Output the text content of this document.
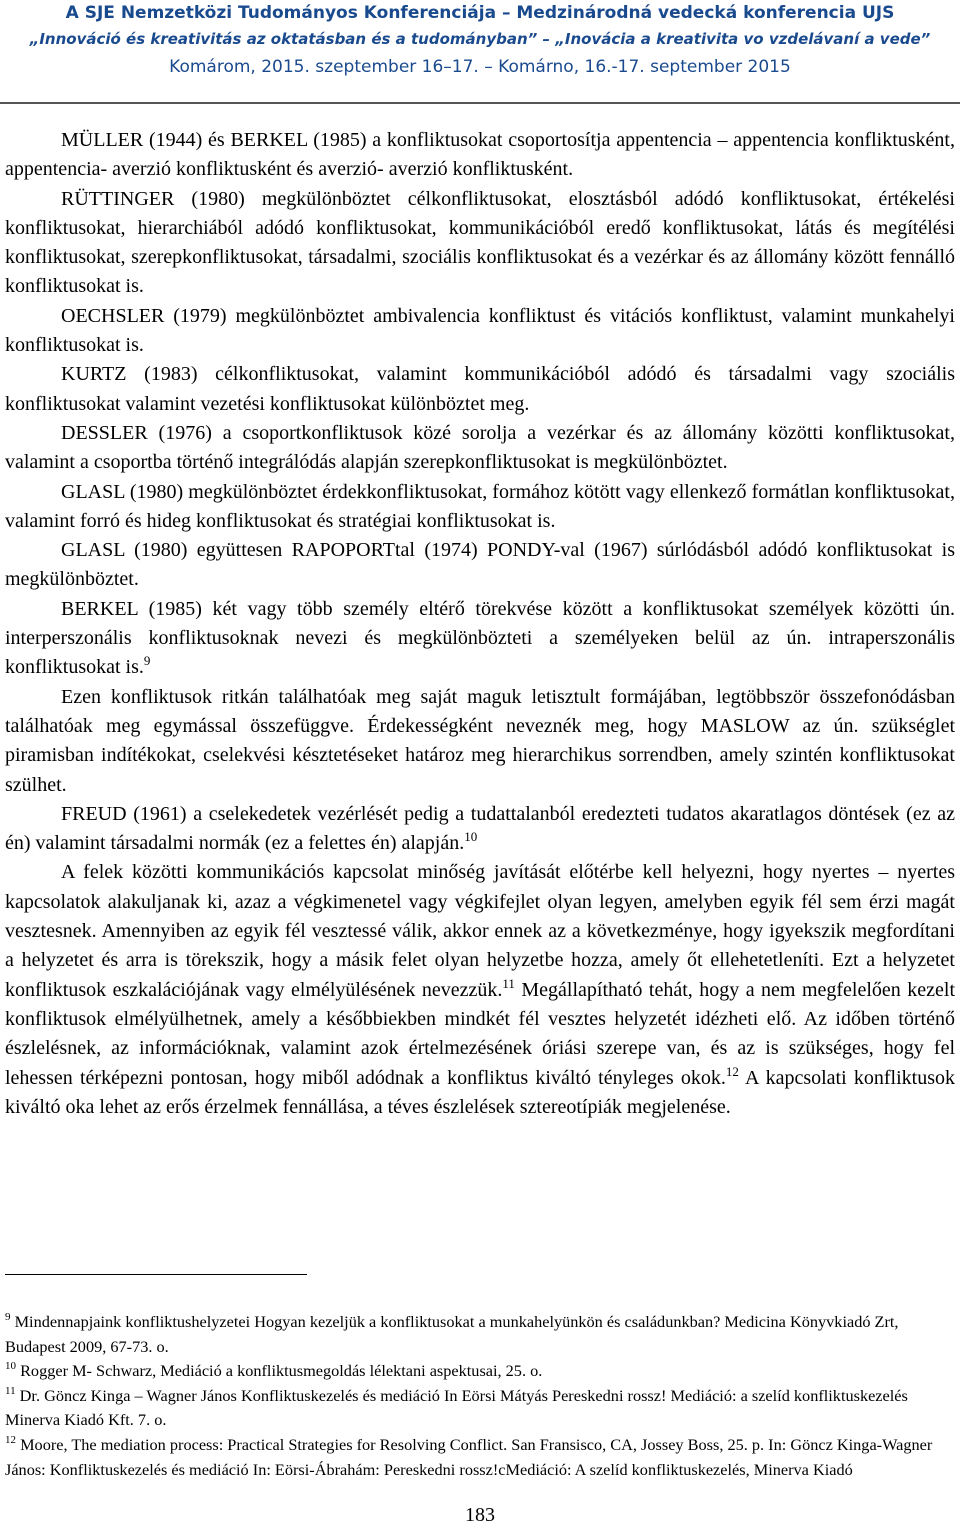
A SJE Nemzetközi Tudományos Konferenciája – Medzinárodná vedecká konferencia UJS
„Innováció és kreativitás az oktatásban és a tudományban” – „Inovácia a kreativita vo vzdelávaní a vede”
Komárom, 2015. szeptember 16–17. – Komárno, 16.-17. september 2015

MÜLLER (1944) és BERKEL (1985) a konfliktusokat csoportosítja appentencia – appentencia konfliktusként, appentencia- averzió konfliktusként és averzió- averzió konfliktusként.

RÜTTINGER (1980) megkülönböztet célkonfliktusokat, elosztásból adódó konfliktusokat, értékelési konfliktusokat, hierarchiából adódó konfliktusokat, kommunikációból eredő konfliktusokat, látás és megítélési konfliktusokat, szerepkonfliktusokat, társadalmi, szociális konfliktusokat és a vezérkar és az állomány között fennálló konfliktusokat is.

OECHSLER (1979) megkülönböztet ambivalencia konfliktust és vitációs konfliktust, valamint munkahelyi konfliktusokat is.

KURTZ (1983) célkonfliktusokat, valamint kommunikációból adódó és társadalmi vagy szociális konfliktusokat valamint vezetési konfliktusokat különböztet meg.

DESSLER (1976) a csoportkonfliktusok közé sorolja a vezérkar és az állomány közötti konfliktusokat, valamint a csoportba történő integrálódás alapján szerepkonfliktusokat is megkülönböztet.

GLASL (1980) megkülönböztet érdekkonfliktusokat, formához kötött vagy ellenkező formátlan konfliktusokat, valamint forró és hideg konfliktusokat és stratégiai konfliktusokat is.

GLASL (1980) együttesen RAPOPORTtal (1974) PONDY-val (1967) súrlódásból adódó konfliktusokat is megkülönböztet.

BERKEL (1985) két vagy több személy eltérő törekvése között a konfliktusokat személyek közötti ún. interperszonális konfliktusoknak nevezi és megkülönbözteti a személyeken belül az ún. intraperszonális konfliktusokat is.$^9$

Ezen konfliktusok ritkán találhatóak meg saját maguk letisztult formájában, legtöbbször összefonódásban találhatóak meg egymással összefüggve. Érdekességként neveznék meg, hogy MASLOW az ún. szükséglet piramisban indítékokat, cselekvési késztetéseket határoz meg hierarchikus sorrendben, amely szintén konfliktusokat szülhet.

FREUD (1961) a cselekedetek vezérlését pedig a tudattalanból eredezteti tudatos akaratlagos döntések (ez az én) valamint társadalmi normák (ez a felettes én) alapján.$^{10}$

A felek közötti kommunikációs kapcsolat minőség javítását előtérbe kell helyezni, hogy nyertes – nyertes kapcsolatok alakuljanak ki, azaz a végkimenetel vagy végkifejlet olyan legyen, amelyben egyik fél sem érzi magát vesztesnek. Amennyiben az egyik fél vesztessé válik, akkor ennek az a következménye, hogy igyekszik megfordítani a helyzetet és arra is törekszik, hogy a másik felet olyan helyzetbe hozza, amely őt ellehetetleníti. Ezt a helyzetet konfliktusok eszkalációjának vagy elmélyülésének nevezzük.$^{11}$ Megállapítható tehát, hogy a nem megfelelően kezelt konfliktusok elmélyülhetnek, amely a későbbiekben mindkét fél vesztes helyzetét idézheti elő. Az időben történő észlelésnek, az információknak, valamint azok értelmezésének óriási szerepe van, és az is szükséges, hogy fel lehessen térképezni pontosan, hogy miből adódnak a konfliktus kiváltó tényleges okok.$^{12}$ A kapcsolati konfliktusok kiváltó oka lehet az erős érzelmek fennállása, a téves észlelések sztereotípiák megjelenése.

$^9$ Mindennapjaink konfliktushelyzetei Hogyan kezeljük a konfliktusokat a munkahelyünkön és családunkban? Medicina Könyvkiadó Zrt, Budapest 2009, 67-73. o.

$^{10}$ Rogger M- Schwarz, Mediáció a konfliktusmegoldás lélektani aspektusai, 25. o.

$^{11}$ Dr. Göncz Kinga – Wagner János Konfliktuskezelés és mediáció In Eörsi Mátyás Pereskedni rossz! Mediáció: a szelíd konfliktuskezelés Minerva Kiadó Kft. 7. o.

$^{12}$ Moore, The mediation process: Practical Strategies for Resolving Conflict. San Fransisco, CA, Jossey Boss, 25. p. In: Göncz Kinga-Wagner János: Konfliktuskezelés és mediáció In: Eörsi-Ábrahám: Pereskedni rossz!cMediáció: A szelíd konfliktuskezelés, Minerva Kiadó

183
